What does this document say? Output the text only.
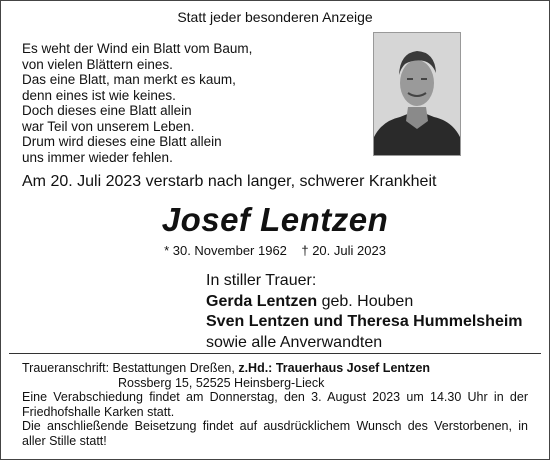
Statt jeder besonderen Anzeige
Es weht der Wind ein Blatt vom Baum,
von vielen Blättern eines.
Das eine Blatt, man merkt es kaum,
denn eines ist wie keines.
Doch dieses eine Blatt allein
war Teil von unserem Leben.
Drum wird dieses eine Blatt allein
uns immer wieder fehlen.
Am 20. Juli 2023 verstarb nach langer, schwerer Krankheit
Josef Lentzen
* 30. November 1962    † 20. Juli 2023
In stiller Trauer:
Gerda Lentzen geb. Houben
Sven Lentzen und Theresa Hummelsheim
sowie alle Anverwandten
Traueranschrift: Bestattungen Dreßen, z.Hd.: Trauerhaus Josef Lentzen
Rossberg 15, 52525 Heinsberg-Lieck

Eine Verabschiedung findet am Donnerstag, den 3. August 2023 um 14.30 Uhr in der Friedhofshalle Karken statt.

Die anschließende Beisetzung findet auf ausdrücklichem Wunsch des Verstorbenen, in aller Stille statt!
